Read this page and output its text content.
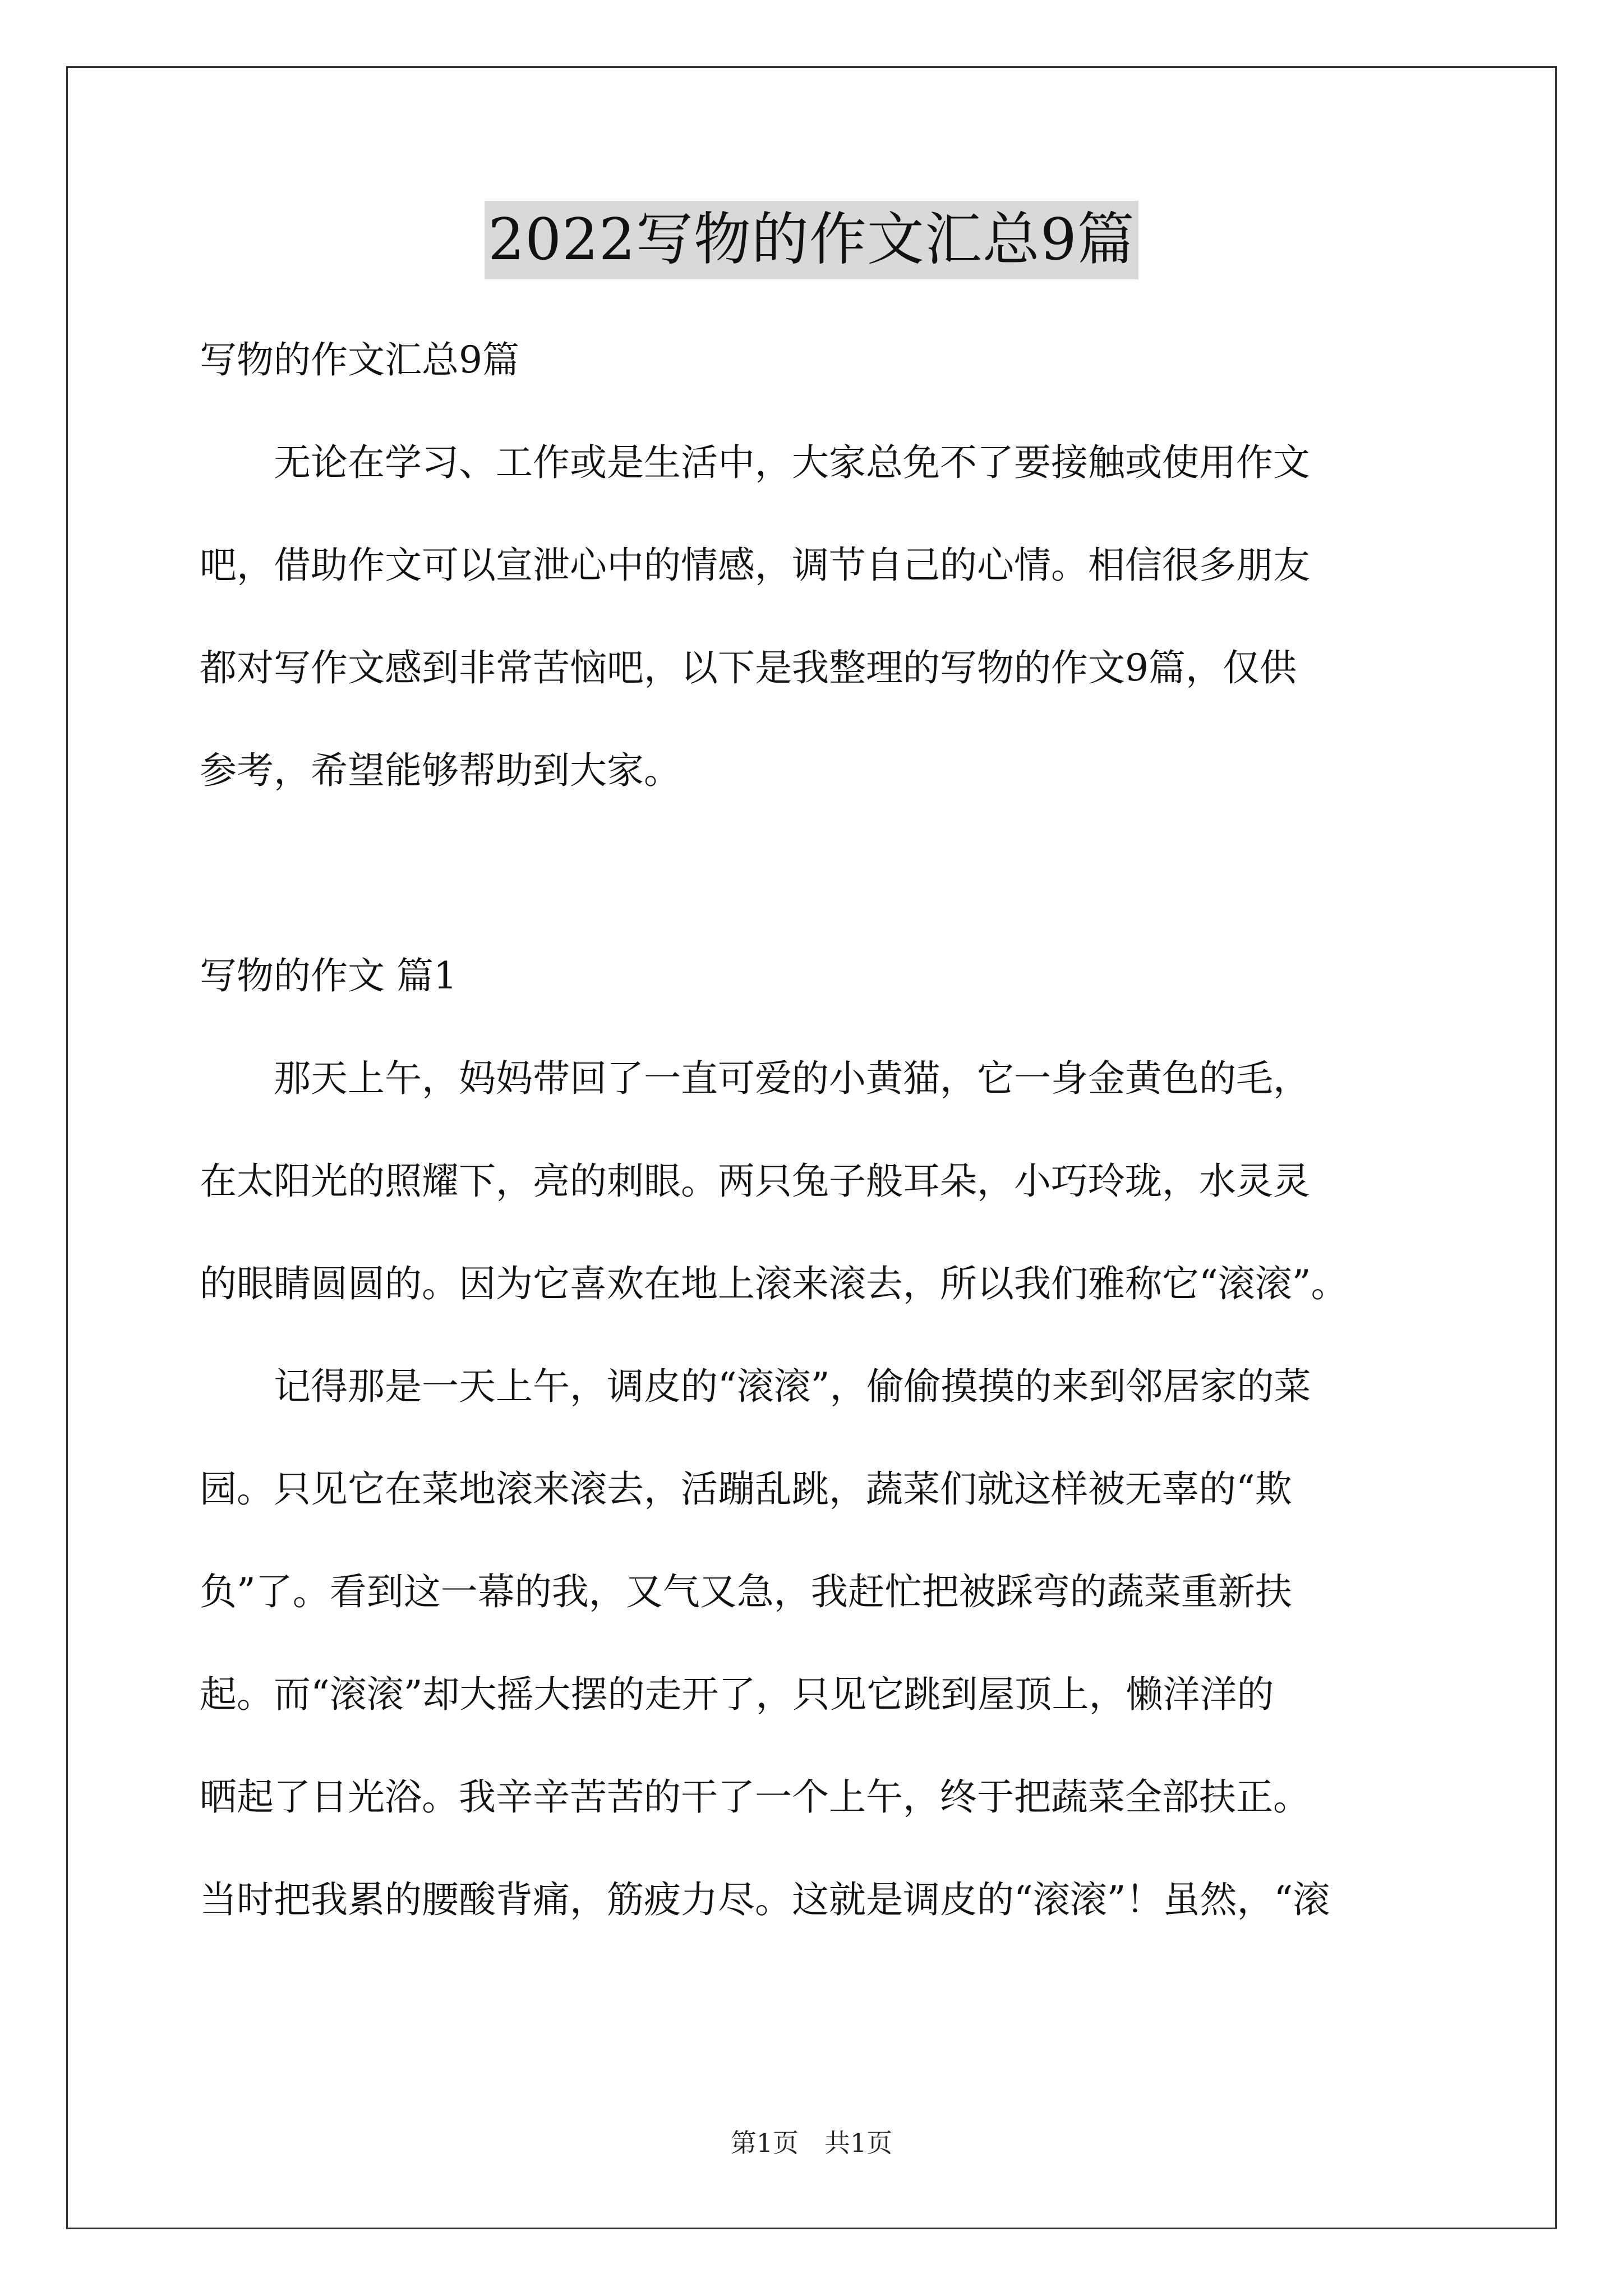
2022写物的作文汇总9篇
写物的作文汇总9篇
　　无论在学习、工作或是生活中，大家总免不了要接触或使用作文
吧，借助作文可以宣泄心中的情感，调节自己的心情。相信很多朋友
都对写作文感到非常苦恼吧，以下是我整理的写物的作文9篇，仅供
参考，希望能够帮助到大家。
写物的作文 篇1
　　那天上午，妈妈带回了一直可爱的小黄猫，它一身金黄色的毛，
在太阳光的照耀下，亮的刺眼。两只兔子般耳朵，小巧玲珑，水灵灵
的眼睛圆圆的。因为它喜欢在地上滚来滚去，所以我们雅称它“滚滚”。
　　记得那是一天上午，调皮的“滚滚”，偷偷摸摸的来到邻居家的菜
园。只见它在菜地滚来滚去，活蹦乱跳，蔬菜们就这样被无辜的“欺
负”了。看到这一幕的我，又气又急，我赶忙把被踩弯的蔬菜重新扶
起。而“滚滚”却大摇大摆的走开了，只见它跳到屋顶上，懒洋洋的
晒起了日光浴。我辛辛苦苦的干了一个上午，终于把蔬菜全部扶正。
当时把我累的腰酸背痛，筋疲力尽。这就是调皮的“滚滚”！虽然，“滚
第1页　共1页
